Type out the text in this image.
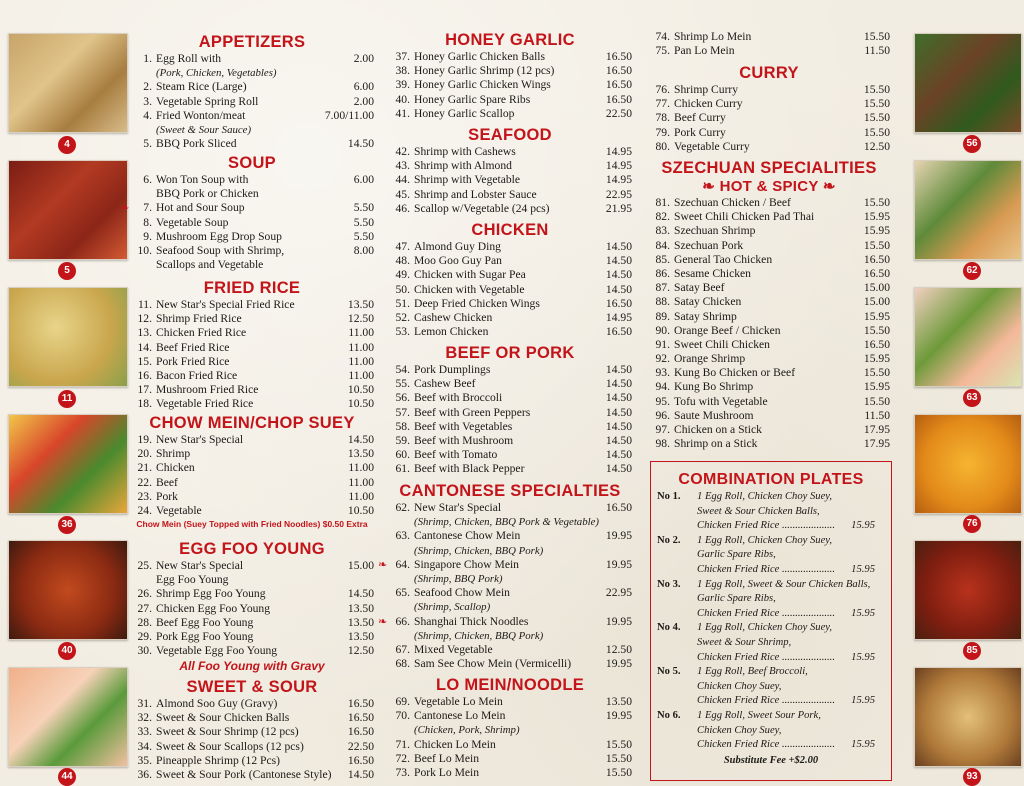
4
5
11
36
40
44
56
62
63
76
85
93
APPETIZERS
1. Egg Roll with	2.00
(Pork, Chicken, Vegetables)
2. Steam Rice (Large)	6.00
3. Vegetable Spring Roll	2.00
4. Fried Wonton/meat	7.00/11.00
(Sweet & Sour Sauce)
5. BBQ Pork Sliced	14.50
SOUP
6. Won Ton Soup with	6.00
BBQ Pork or Chicken
❧	7. Hot and Sour Soup	5.50
8. Vegetable Soup	5.50
9. Mushroom Egg Drop Soup	5.50
10. Seafood Soup with Shrimp,	8.00
Scallops and Vegetable
FRIED RICE
11. New Star's Special Fried Rice	13.50
12. Shrimp Fried Rice	12.50
13. Chicken Fried Rice	11.00
14. Beef Fried Rice	11.00
15. Pork Fried Rice	11.00
16. Bacon Fried Rice	11.00
17. Mushroom Fried Rice	10.50
18. Vegetable Fried Rice	10.50
CHOW MEIN/CHOP SUEY
19. New Star's Special	14.50
20. Shrimp	13.50
21. Chicken	11.00
22. Beef	11.00
23. Pork	11.00
24. Vegetable	10.50
Chow Mein (Suey Topped with Fried Noodles) $0.50 Extra
EGG FOO YOUNG
25. New Star's Special	15.00
Egg Foo Young
26. Shrimp Egg Foo Young	14.50
27. Chicken Egg Foo Young	13.50
28. Beef Egg Foo Young	13.50
29. Pork Egg Foo Young	13.50
30. Vegetable Egg Foo Young	12.50
All Foo Young with Gravy
SWEET & SOUR
31. Almond Soo Guy (Gravy)	16.50
32. Sweet & Sour Chicken Balls	16.50
33. Sweet & Sour Shrimp (12 pcs)	16.50
34. Sweet & Sour Scallops (12 pcs)	22.50
35. Pineapple Shrimp (12 Pcs)	16.50
36. Sweet & Sour Pork (Cantonese Style) 14.50
HONEY GARLIC
37. Honey Garlic Chicken Balls	16.50
38. Honey Garlic Shrimp (12 pcs)	16.50
39. Honey Garlic Chicken Wings	16.50
40. Honey Garlic Spare Ribs	16.50
41. Honey Garlic Scallop	22.50
SEAFOOD
42. Shrimp with Cashews	14.95
43. Shrimp with Almond	14.95
44. Shrimp with Vegetable	14.95
45. Shrimp and Lobster Sauce	22.95
46. Scallop w/Vegetable (24 pcs)	21.95
CHICKEN
47. Almond Guy Ding	14.50
48. Moo Goo Guy Pan	14.50
49. Chicken with Sugar Pea	14.50
50. Chicken with Vegetable	14.50
51. Deep Fried Chicken Wings	16.50
52. Cashew Chicken	14.95
53. Lemon Chicken	16.50
BEEF OR PORK
54. Pork Dumplings	14.50
55. Cashew Beef	14.50
56. Beef with Broccoli	14.50
57. Beef with Green Peppers	14.50
58. Beef with Vegetables	14.50
59. Beef with Mushroom	14.50
60. Beef with Tomato	14.50
61. Beef with Black Pepper	14.50
CANTONESE SPECIALTIES
62. New Star's Special	16.50
(Shrimp, Chicken, BBQ Pork & Vegetable)
63. Cantonese Chow Mein	19.95
(Shrimp, Chicken, BBQ Pork)
❧ 64. Singapore Chow Mein	19.95
(Shrimp, BBQ Pork)
65. Seafood Chow Mein	22.95
(Shrimp, Scallop)
❧ 66. Shanghai Thick Noodles	19.95
(Shrimp, Chicken, BBQ Pork)
67. Mixed Vegetable	12.50
68. Sam See Chow Mein (Vermicelli)	19.95
LO MEIN/NOODLE
69. Vegetable Lo Mein	13.50
70. Cantonese Lo Mein	19.95
(Chicken, Pork, Shrimp)
71. Chicken Lo Mein	15.50
72. Beef Lo Mein	15.50
73. Pork Lo Mein	15.50
74. Shrimp Lo Mein	15.50
75. Pan Lo Mein	11.50
CURRY
76. Shrimp Curry	15.50
77. Chicken Curry	15.50
78. Beef Curry	15.50
79. Pork Curry	15.50
80. Vegetable Curry	12.50
SZECHUAN SPECIALITIES
❧ HOT & SPICY ❧
81. Szechuan Chicken / Beef	15.50
82. Sweet Chili Chicken Pad Thai	15.95
83. Szechuan Shrimp	15.95
84. Szechuan Pork	15.50
85. General Tao Chicken	16.50
86. Sesame Chicken	16.50
87. Satay Beef	15.00
88. Satay Chicken	15.00
89. Satay Shrimp	15.95
90. Orange Beef / Chicken	15.50
91. Sweet Chili Chicken	16.50
92. Orange Shrimp	15.95
93. Kung Bo Chicken or Beef	15.50
94. Kung Bo Shrimp	15.95
95. Tofu with Vegetable	15.50
96. Saute Mushroom	11.50
97. Chicken on a Stick	17.95
98. Shrimp on a Stick	17.95
COMBINATION PLATES
No 1. 1 Egg Roll, Chicken Choy Suey,
Sweet & Sour Chicken Balls,
Chicken Fried Rice .................... 15.95
No 2. 1 Egg Roll, Chicken Choy Suey,
Garlic Spare Ribs,
Chicken Fried Rice .................... 15.95
No 3. 1 Egg Roll, Sweet & Sour Chicken Balls,
Garlic Spare Ribs,
Chicken Fried Rice .................... 15.95
No 4. 1 Egg Roll, Chicken Choy Suey,
Sweet & Sour Shrimp,
Chicken Fried Rice .................... 15.95
No 5. 1 Egg Roll, Beef Broccoli,
Chicken Choy Suey,
Chicken Fried Rice .................... 15.95
No 6. 1 Egg Roll, Sweet Sour Pork,
Chicken Choy Suey,
Chicken Fried Rice .................... 15.95
Substitute Fee +$2.00
